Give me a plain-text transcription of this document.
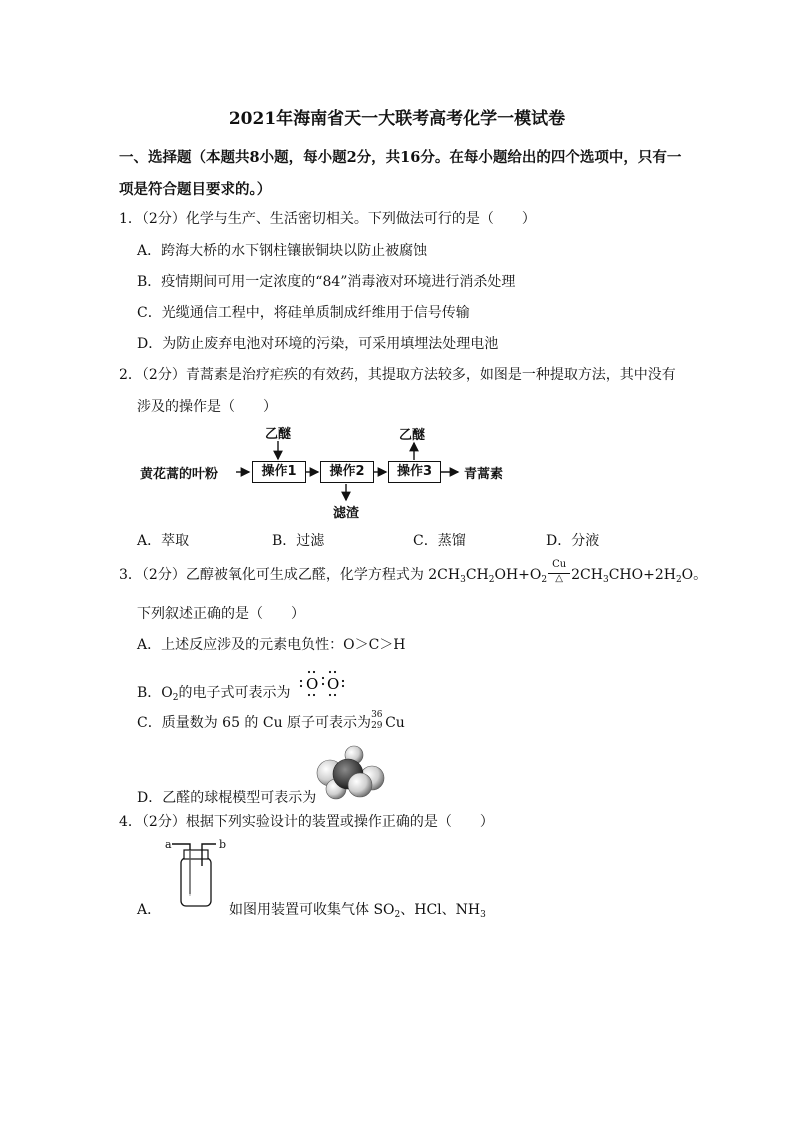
2021年海南省天一大联考高考化学一模试卷
一、选择题（本题共8小题，每小题2分，共16分。在每小题给出的四个选项中，只有一
项是符合题目要求的。）
1．（2分）化学与生产、生活密切相关。下列做法可行的是（　　）
A．跨海大桥的水下钢柱镶嵌铜块以防止被腐蚀
B．疫情期间可用一定浓度的“84”消毒液对环境进行消杀处理
C．光缆通信工程中，将硅单质制成纤维用于信号传输
D．为防止废弃电池对环境的污染，可采用填埋法处理电池
2．（2分）青蒿素是治疗疟疾的有效药，其提取方法较多，如图是一种提取方法，其中没有
涉及的操作是（　　）
黄花蒿的叶粉	操作1	操作2	操作3	青蒿素
乙醚	乙醚
滤渣
A．萃取	B．过滤	C．蒸馏	D．分液
3．（2分）乙醇被氧化可生成乙醛，化学方程式为 $2CH_3CH_2OH+O_2 \frac{Cu}{\triangle} 2CH_3CHO+2H_2O$。
下列叙述正确的是（　　）
A．上述反应涉及的元素电负性：O＞C＞H
B．$O_2$的电子式可表示为 O O
C．质量数为 65 的 Cu 原子可表示为 36
29 Cu
D．乙醛的球棍模型可表示为
4．（2分）根据下列实验设计的装置或操作正确的是（　　）
a	b
A．	如图用装置可收集气体 $SO_2$、HCl、$NH_3$
